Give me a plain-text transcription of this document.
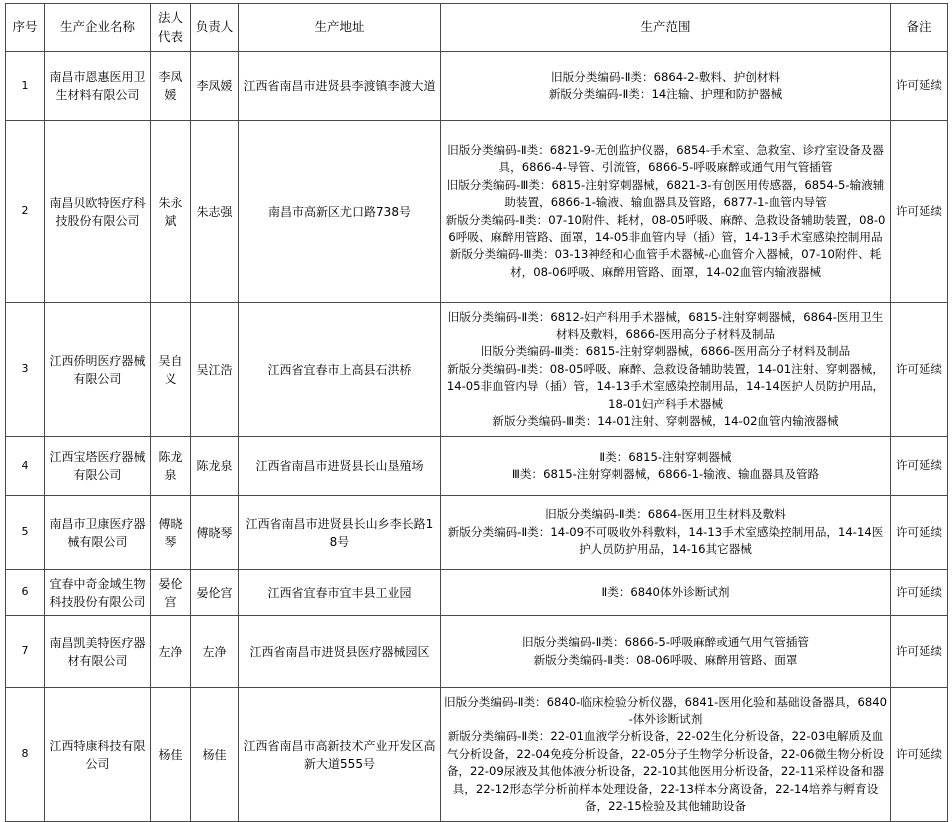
序号	生产企业名称	法人代表	负责人	生产地址	生产范围	备注
1	南昌市恩惠医用卫生材料有限公司	李凤媛	李凤媛	江西省南昌市进贤县李渡镇李渡大道	旧版分类编码-Ⅱ类：6864-2-敷料、护创材料
新版分类编码-Ⅱ类：14注输、护理和防护器械	许可延续
2	南昌贝欧特医疗科技股份有限公司	朱永斌	朱志强	南昌市高新区尤口路738号	旧版分类编码-Ⅱ类：6821-9-无创监护仪器，6854-手术室、急救室、诊疗室设备及器具，6866-4-导管、引流管，6866-5-呼吸麻醉或通气用气管插管
旧版分类编码-Ⅲ类：6815-注射穿刺器械，6821-3-有创医用传感器，6854-5-输液辅助装置，6866-1-输液、输血器具及管路，6877-1-血管内导管
新版分类编码-Ⅱ类：07-10附件、耗材，08-05呼吸、麻醉、急救设备辅助装置，08-06呼吸、麻醉用管路、面罩，14-05非血管内导（插）管，14-13手术室感染控制用品
新版分类编码-Ⅲ类：03-13神经和心血管手术器械-心血管介入器械，07-10附件、耗材，08-06呼吸、麻醉用管路、面罩，14-02血管内输液器械	许可延续
3	江西侨明医疗器械有限公司	吴自义	吴江浩	江西省宜春市上高县石洪桥	旧版分类编码-Ⅱ类：6812-妇产科用手术器械，6815-注射穿刺器械，6864-医用卫生材料及敷料，6866-医用高分子材料及制品
旧版分类编码-Ⅲ类：6815-注射穿刺器械，6866-医用高分子材料及制品
新版分类编码-Ⅱ类：08-05呼吸、麻醉、急救设备辅助装置，14-01注射、穿刺器械，14-05非血管内导（插）管，14-13手术室感染控制用品，14-14医护人员防护用品，18-01妇产科手术器械
新版分类编码-Ⅲ类：14-01注射、穿刺器械，14-02血管内输液器械	许可延续
4	江西宝塔医疗器械有限公司	陈龙泉	陈龙泉	江西省南昌市进贤县长山垦殖场	Ⅱ类：6815-注射穿刺器械
Ⅲ类：6815-注射穿刺器械，6866-1-输液、输血器具及管路	许可延续
5	南昌市卫康医疗器械有限公司	傅晓琴	傅晓琴	江西省南昌市进贤县长山乡李长路18号	旧版分类编码-Ⅱ类：6864-医用卫生材料及敷料
新版分类编码-Ⅱ类：14-09不可吸收外科敷料，14-13手术室感染控制用品，14-14医护人员防护用品，14-16其它器械	许可延续
6	宜春中奇金域生物科技股份有限公司	晏伦宫	晏伦宫	江西省宜春市宜丰县工业园	Ⅱ类：6840体外诊断试剂	许可延续
7	南昌凯美特医疗器材有限公司	左净	左净	江西省南昌市进贤县医疗器械园区	旧版分类编码-Ⅱ类：6866-5-呼吸麻醉或通气用气管插管
新版分类编码-Ⅱ类：08-06呼吸、麻醉用管路、面罩	许可延续
8	江西特康科技有限公司	杨佳	杨佳	江西省南昌市高新技术产业开发区高新大道555号	旧版分类编码-Ⅱ类：6840-临床检验分析仪器，6841-医用化验和基础设备器具，6840-体外诊断试剂
新版分类编码-Ⅱ类：22-01血液学分析设备，22-02生化分析设备，22-03电解质及血气分析设备，22-04免疫分析设备，22-05分子生物学分析设备，22-06微生物分析设备，22-09尿液及其他体液分析设备，22-10其他医用分析设备，22-11采样设备和器具，22-12形态学分析前样本处理设备，22-13样本分离设备，22-14培养与孵育设备，22-15检验及其他辅助设备	许可延续
